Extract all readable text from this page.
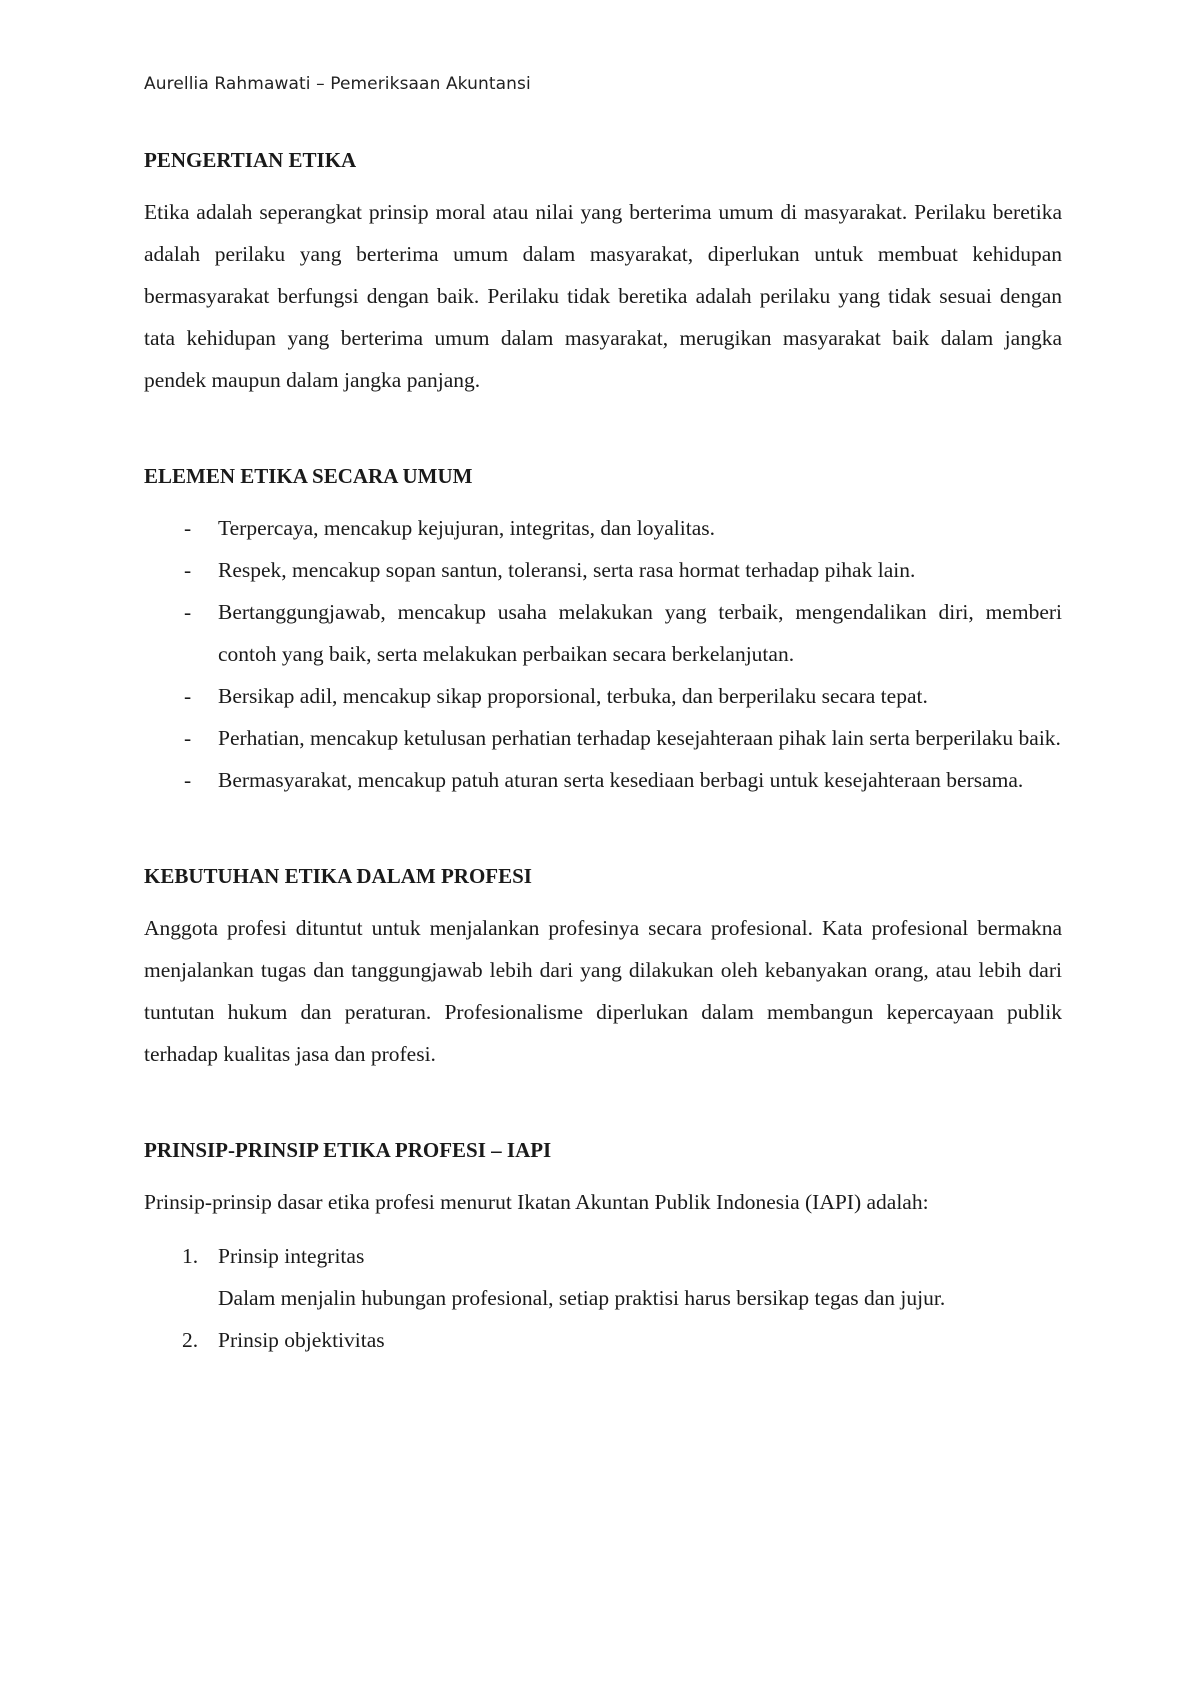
Aurellia Rahmawati – Pemeriksaan Akuntansi
PENGERTIAN ETIKA

Etika adalah seperangkat prinsip moral atau nilai yang berterima umum di masyarakat. Perilaku beretika adalah perilaku yang berterima umum dalam masyarakat, diperlukan untuk membuat kehidupan bermasyarakat berfungsi dengan baik. Perilaku tidak beretika adalah perilaku yang tidak sesuai dengan tata kehidupan yang berterima umum dalam masyarakat, merugikan masyarakat baik dalam jangka pendek maupun dalam jangka panjang.

ELEMEN ETIKA SECARA UMUM
- Terpercaya, mencakup kejujuran, integritas, dan loyalitas.
- Respek, mencakup sopan santun, toleransi, serta rasa hormat terhadap pihak lain.
- Bertanggungjawab, mencakup usaha melakukan yang terbaik, mengendalikan diri, memberi contoh yang baik, serta melakukan perbaikan secara berkelanjutan.
- Bersikap adil, mencakup sikap proporsional, terbuka, dan berperilaku secara tepat.
- Perhatian, mencakup ketulusan perhatian terhadap kesejahteraan pihak lain serta berperilaku baik.
- Bermasyarakat, mencakup patuh aturan serta kesediaan berbagi untuk kesejahteraan bersama.
KEBUTUHAN ETIKA DALAM PROFESI

Anggota profesi dituntut untuk menjalankan profesinya secara profesional. Kata profesional bermakna menjalankan tugas dan tanggungjawab lebih dari yang dilakukan oleh kebanyakan orang, atau lebih dari tuntutan hukum dan peraturan. Profesionalisme diperlukan dalam membangun kepercayaan publik terhadap kualitas jasa dan profesi.

PRINSIP-PRINSIP ETIKA PROFESI – IAPI

Prinsip-prinsip dasar etika profesi menurut Ikatan Akuntan Publik Indonesia (IAPI) adalah:

1. Prinsip integritas
Dalam menjalin hubungan profesional, setiap praktisi harus bersikap tegas dan jujur.
2. Prinsip objektivitas
